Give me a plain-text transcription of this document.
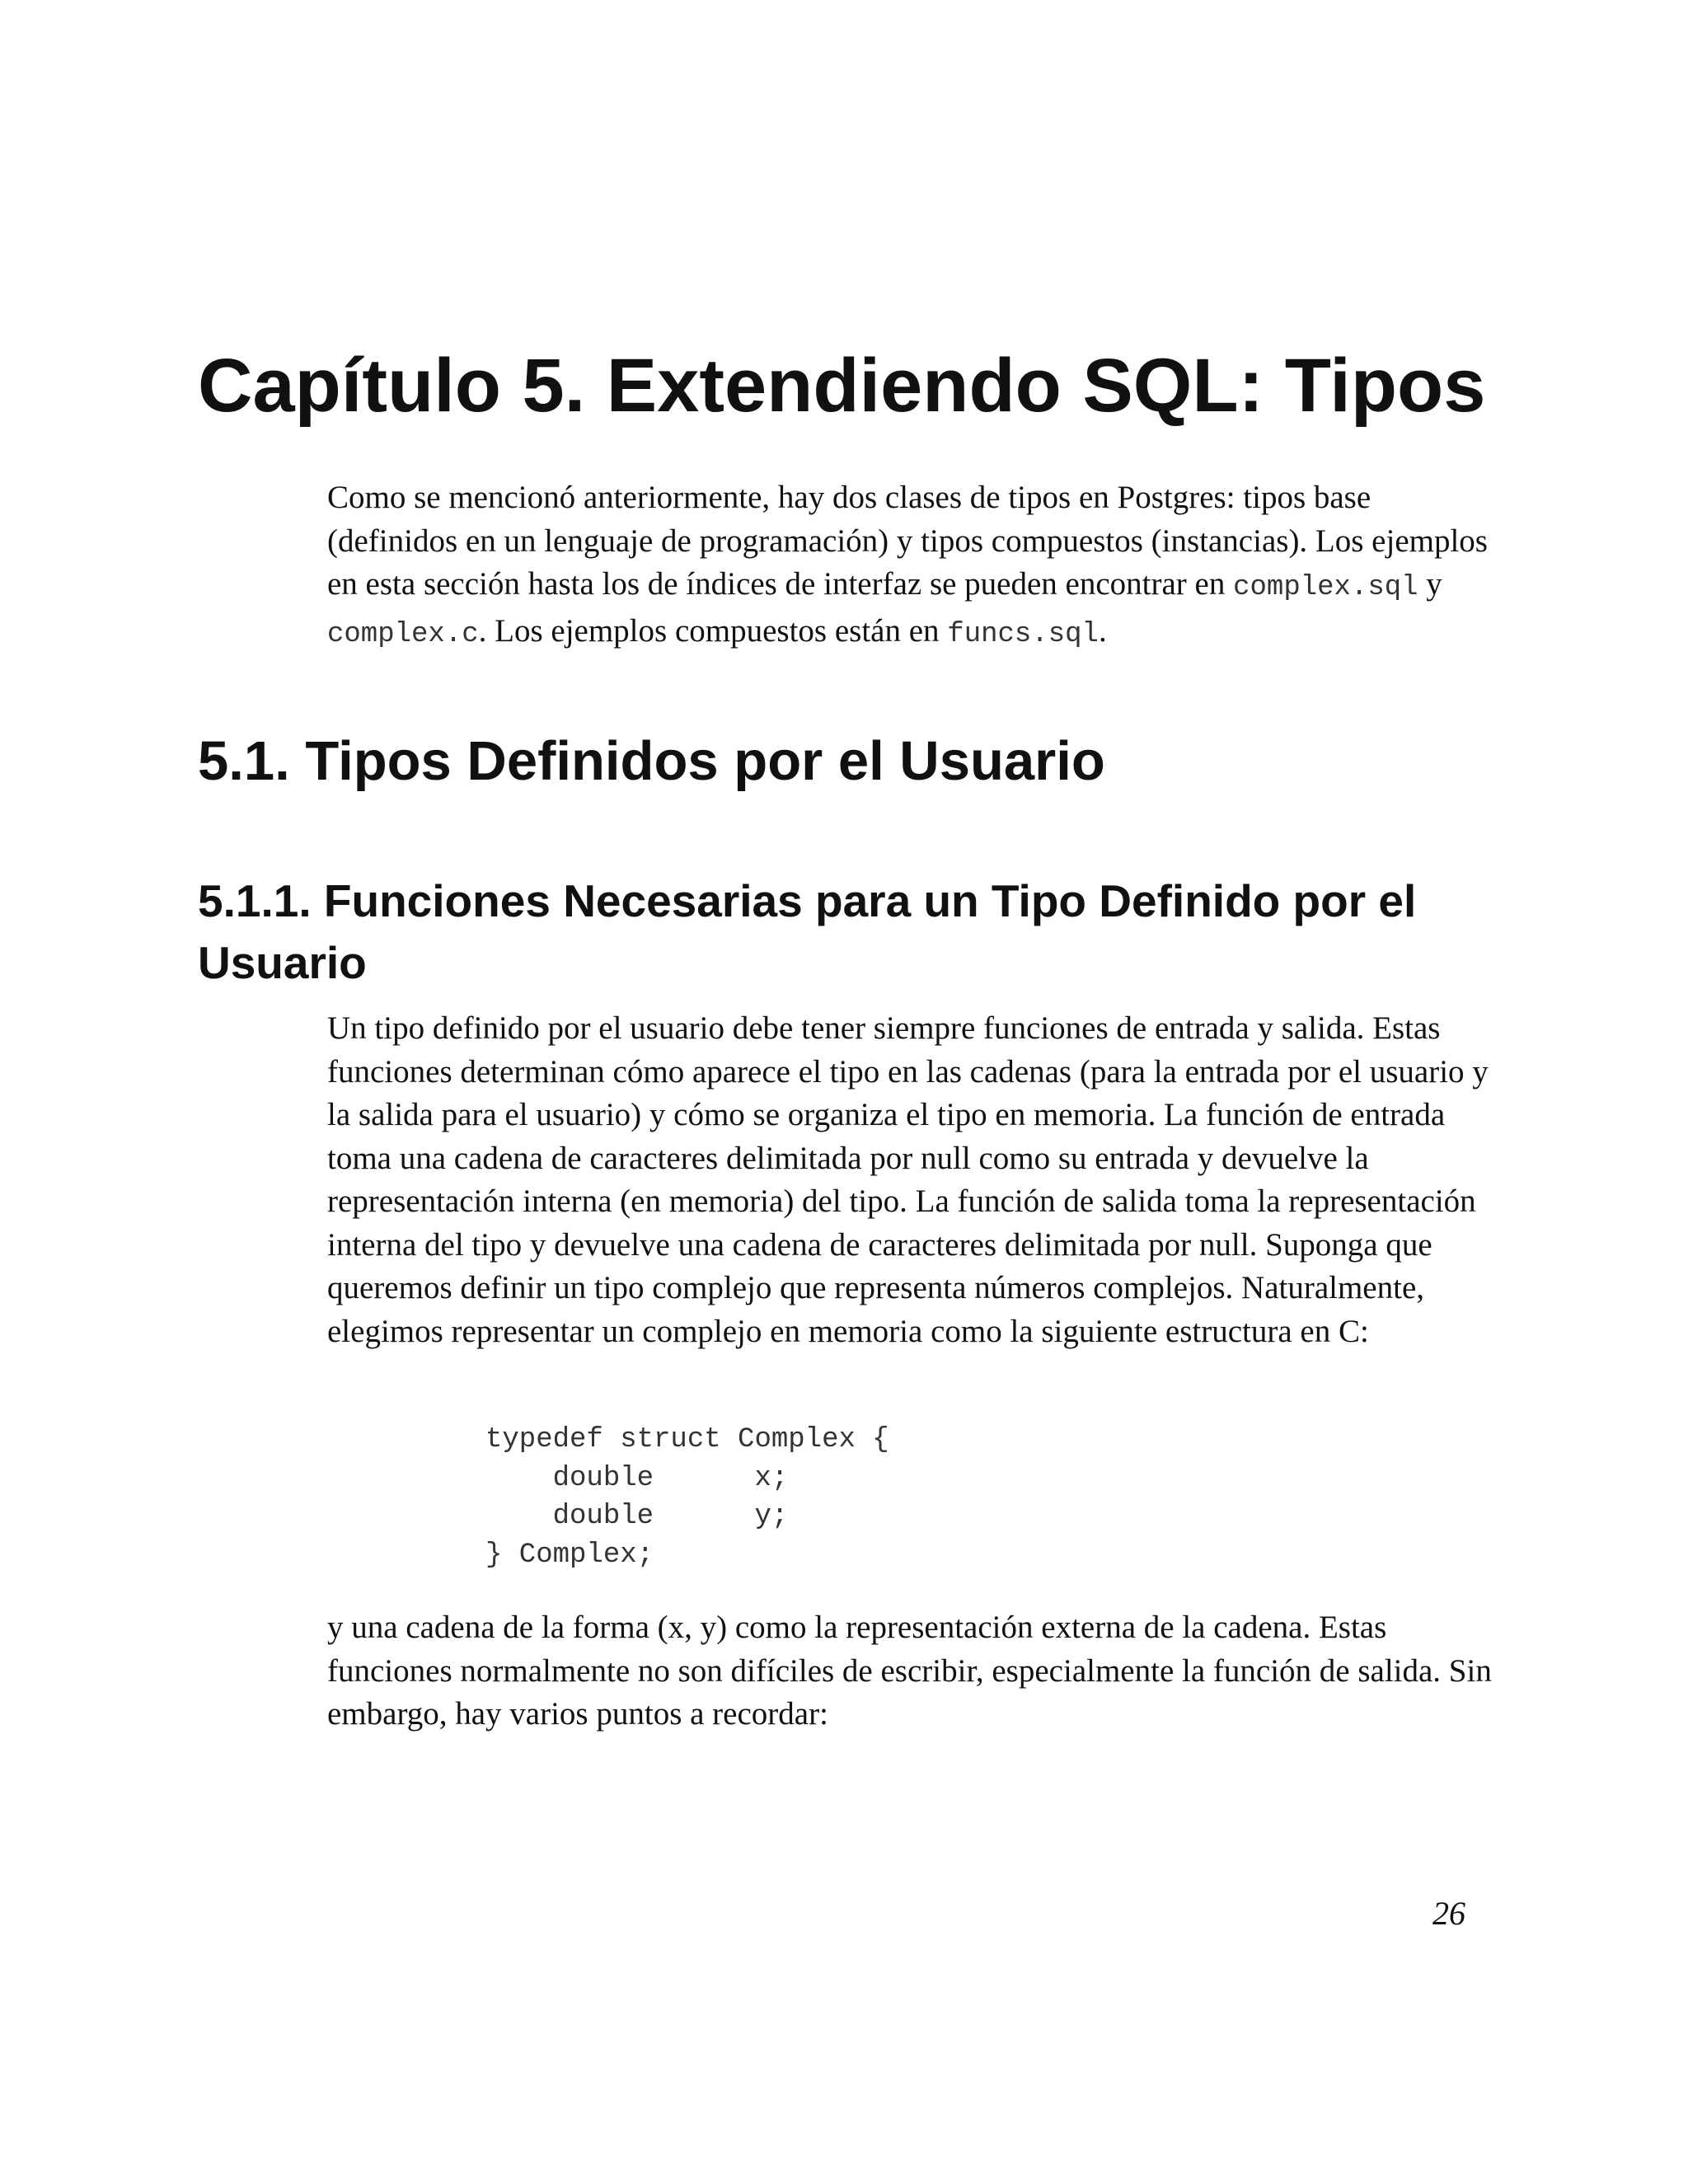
Capítulo 5. Extendiendo SQL: Tipos

Como se mencionó anteriormente, hay dos clases de tipos en Postgres: tipos base (definidos en un lenguaje de programación) y tipos compuestos (instancias). Los ejemplos en esta sección hasta los de índices de interfaz se pueden encontrar en complex.sql y complex.c. Los ejemplos compuestos están en funcs.sql.

5.1. Tipos Definidos por el Usuario
5.1.1. Funciones Necesarias para un Tipo Definido por el Usuario

Un tipo definido por el usuario debe tener siempre funciones de entrada y salida. Estas funciones determinan cómo aparece el tipo en las cadenas (para la entrada por el usuario y la salida para el usuario) y cómo se organiza el tipo en memoria. La función de entrada toma una cadena de caracteres delimitada por null como su entrada y devuelve la representación interna (en memoria) del tipo. La función de salida toma la representación interna del tipo y devuelve una cadena de caracteres delimitada por null. Suponga que queremos definir un tipo complejo que representa números complejos. Naturalmente, elegimos representar un complejo en memoria como la siguiente estructura en C:

typedef struct Complex {
double      x;
double      y;
} Complex;

y una cadena de la forma (x, y) como la representación externa de la cadena. Estas funciones normalmente no son difíciles de escribir, especialmente la función de salida. Sin embargo, hay varios puntos a recordar:

26
